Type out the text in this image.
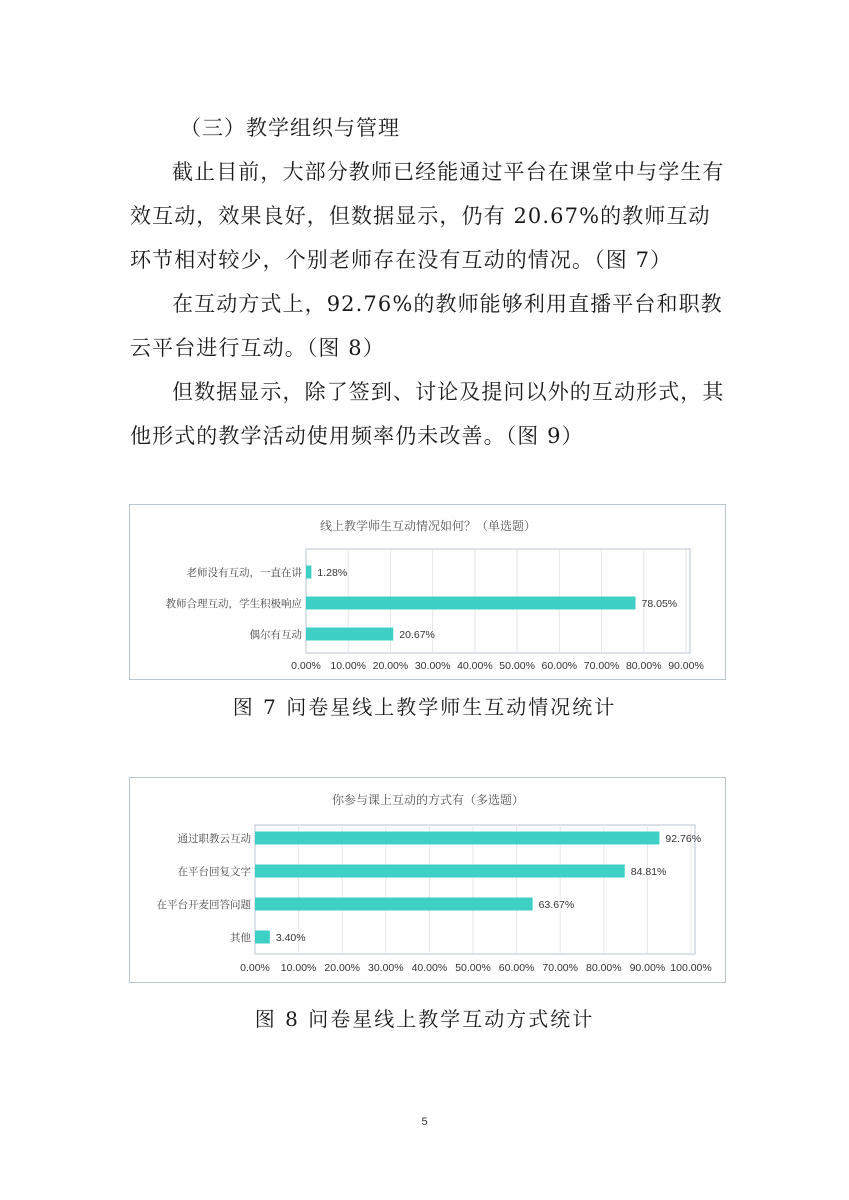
（三）教学组织与管理

截止目前，大部分教师已经能通过平台在课堂中与学生有效互动，效果良好，但数据显示，仍有 20.67%的教师互动环节相对较少，个别老师存在没有互动的情况。（图 7）

在互动方式上，92.76%的教师能够利用直播平台和职教云平台进行互动。（图 8）

但数据显示，除了签到、讨论及提问以外的互动形式，其他形式的教学活动使用频率仍未改善。（图 9）

线上教学师生互动情况如何？（单选题）
0.00% 10.00% 20.00% 30.00% 40.00% 50.00% 60.00% 70.00% 80.00% 90.00%
老师没有互动，一直在讲 1.28%
教师合理互动，学生积极响应	78.05%
偶尔有互动	20.67%
图 7 问卷星线上教学师生互动情况统计
你参与课上互动的方式有（多选题）
0.00% 10.00% 20.00% 30.00% 40.00% 50.00% 60.00% 70.00% 80.00% 90.00% 100.00%
通过职教云互动	92.76%
在平台回复文字	84.81%
在平台开麦回答问题	63.67%
其他 3.40%
图 8 问卷星线上教学互动方式统计
5
